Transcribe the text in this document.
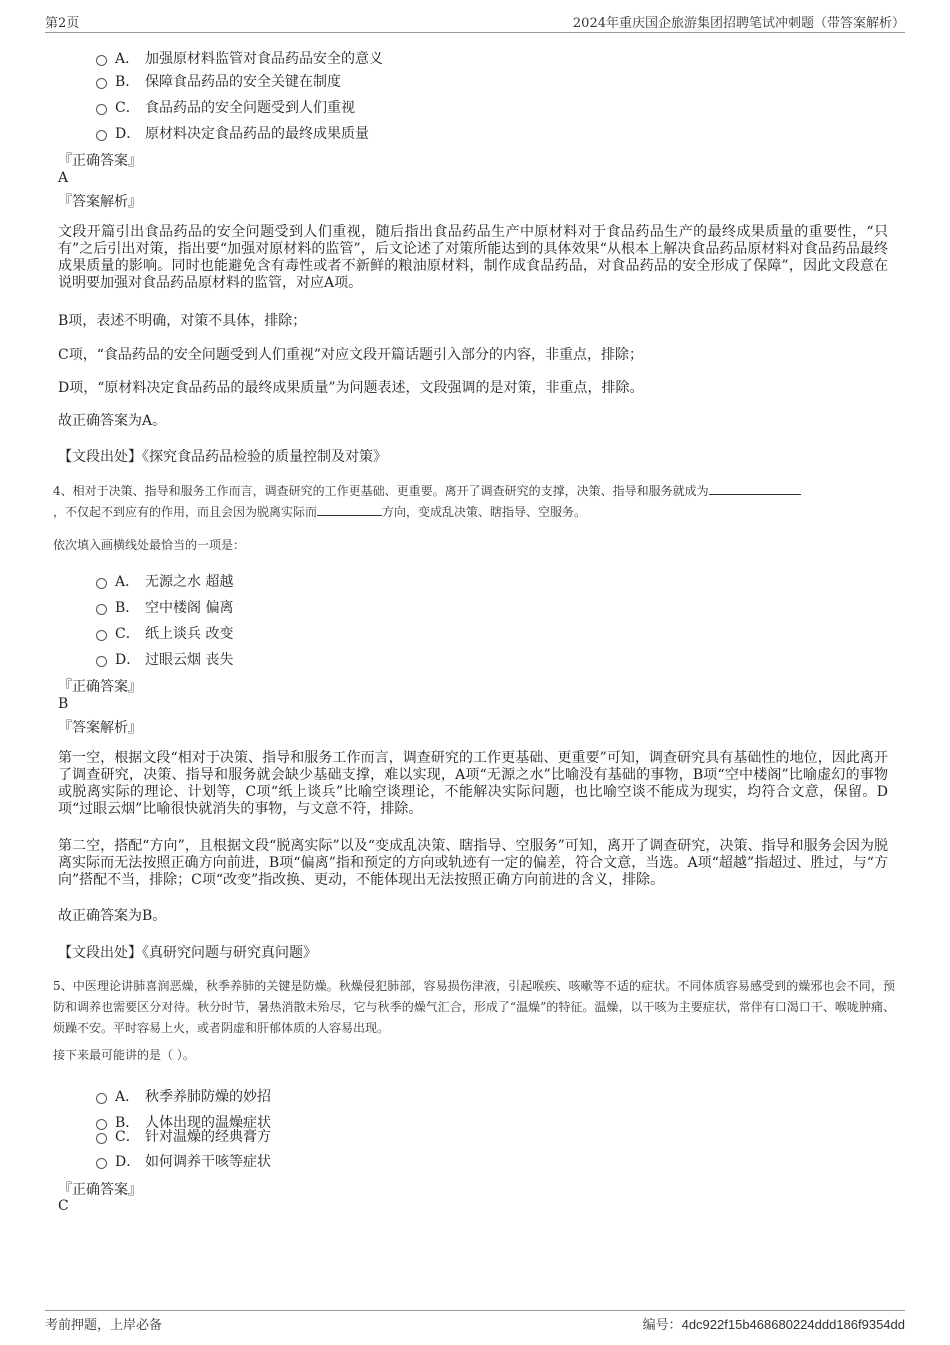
第2页	2024年重庆国企旅游集团招聘笔试冲刺题（带答案解析）
A． 加强原材料监管对食品药品安全的意义
B． 保障食品药品的安全关键在制度
C． 食品药品的安全问题受到人们重视
D． 原材料决定食品药品的最终成果质量
『正确答案』
A
『答案解析』
文段开篇引出食品药品的安全问题受到人们重视，随后指出食品药品生产中原材料对于食品药品生产的最终成果质量的重要性，“只有”之后引出对策，指出要“加强对原材料的监管”，后文论述了对策所能达到的具体效果“从根本上解决食品药品原材料对食品药品最终成果质量的影响。同时也能避免含有毒性或者不新鲜的粮油原材料，制作成食品药品，对食品药品的安全形成了保障”，因此文段意在说明要加强对食品药品原材料的监管，对应A项。
B项，表述不明确，对策不具体，排除；
C项，“食品药品的安全问题受到人们重视”对应文段开篇话题引入部分的内容，非重点，排除；
D项，“原材料决定食品药品的最终成果质量”为问题表述，文段强调的是对策，非重点，排除。
故正确答案为A。
【文段出处】《探究食品药品检验的质量控制及对策》
4、相对于决策、指导和服务工作而言，调查研究的工作更基础、更重要。离开了调查研究的支撑，决策、指导和服务就成为
，不仅起不到应有的作用，而且会因为脱离实际而	方向，变成乱决策、瞎指导、空服务。
依次填入画横线处最恰当的一项是：
A． 无源之水 超越
B． 空中楼阁 偏离
C． 纸上谈兵 改变
D． 过眼云烟 丧失
『正确答案』
B
『答案解析』
第一空，根据文段“相对于决策、指导和服务工作而言，调查研究的工作更基础、更重要”可知，调查研究具有基础性的地位，因此离开了调查研究，决策、指导和服务就会缺少基础支撑，难以实现，A项“无源之水”比喻没有基础的事物，B项“空中楼阁”比喻虚幻的事物或脱离实际的理论、计划等，C项“纸上谈兵”比喻空谈理论，不能解决实际问题，也比喻空谈不能成为现实，均符合文意，保留。D项“过眼云烟”比喻很快就消失的事物，与文意不符，排除。
第二空，搭配“方向”，且根据文段“脱离实际”以及“变成乱决策、瞎指导、空服务”可知，离开了调查研究，决策、指导和服务会因为脱离实际而无法按照正确方向前进，B项“偏离”指和预定的方向或轨迹有一定的偏差，符合文意，当选。A项“超越”指超过、胜过，与“方向”搭配不当，排除；C项“改变”指改换、更动，不能体现出无法按照正确方向前进的含义，排除。
故正确答案为B。
【文段出处】《真研究问题与研究真问题》
5、中医理论讲肺喜润恶燥，秋季养肺的关键是防燥。秋燥侵犯肺部，容易损伤津液，引起喉疾、咳嗽等不适的症状。不同体质容易感受到的燥邪也会不同，预防和调养也需要区分对待。秋分时节，暑热消散未殆尽，它与秋季的燥气汇合，形成了“温燥”的特征。温燥，以干咳为主要症状，常伴有口渴口干、喉咙肿痛、烦躁不安。平时容易上火，或者阴虚和肝郁体质的人容易出现。
接下来最可能讲的是（ ）。
A． 秋季养肺防燥的妙招
B． 人体出现的温燥症状
C． 针对温燥的经典膏方
D． 如何调养干咳等症状
『正确答案』
C
考前押题，上岸必备	编号：4dc922f15b468680224ddd186f9354dd
